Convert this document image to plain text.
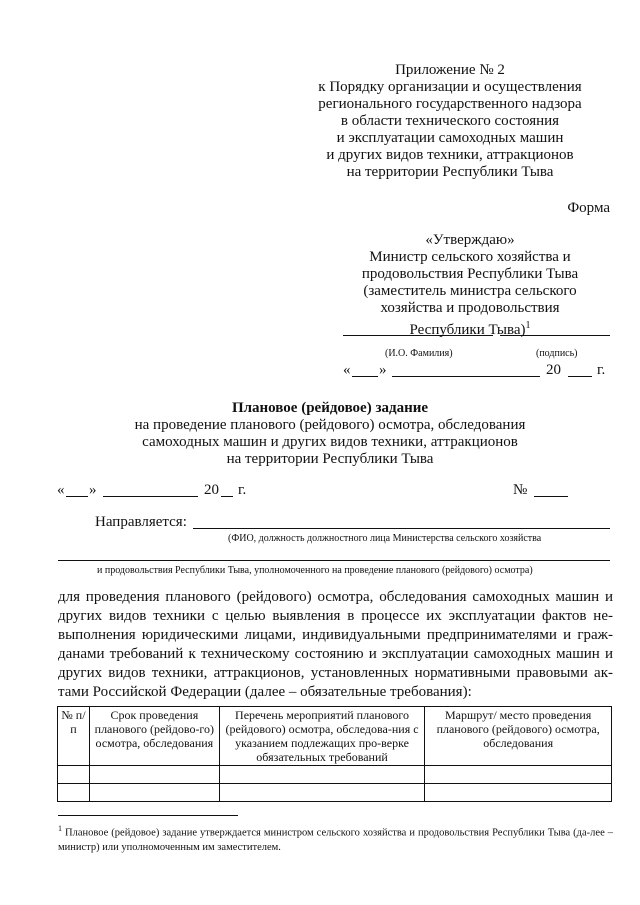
Приложение № 2
к Порядку организации и осуществления
регионального государственного надзора
в области технического состояния
и эксплуатации самоходных машин
и других видов техники, аттракционов
на территории Республики Тыва
Форма
«Утверждаю»
Министр сельского хозяйства и
продовольствия Республики Тыва
(заместитель министра сельского
хозяйства и продовольствия
Республики Тыва)$^1$
(И.О. Фамилия)	(подпись)
« »	20 г.
Плановое (рейдовое) задание
на проведение планового (рейдового) осмотра, обследования
самоходных машин и других видов техники, аттракционов
на территории Республики Тыва
« »	20 г.	№
Направляется:
(ФИО, должность должностного лица Министерства сельского хозяйства
и продовольствия Республики Тыва, уполномоченного на проведение планового (рейдового) осмотра)
для проведения планового (рейдового) осмотра, обследования самоходных машин и других видов техники с целью выявления в процессе их эксплуатации фактов не-выполнения юридическими лицами, индивидуальными предпринимателями и граж-данами требований к техническому состоянию и эксплуатации самоходных машин и других видов техники, аттракционов, установленных нормативными правовыми ак-тами Российской Федерации (далее – обязательные требования):
№ п/п	Срок проведения планового (рейдово-го) осмотра, обследования	Перечень мероприятий планового (рейдового) осмотра, обследова-ния с указанием подлежащих про-верке обязательных требований	Маршрут/ место проведения планового (рейдового) осмотра, обследования

$^1$ Плановое (рейдовое) задание утверждается министром сельского хозяйства и продовольствия Республики Тыва (да-лее – министр) или уполномоченным им заместителем.
